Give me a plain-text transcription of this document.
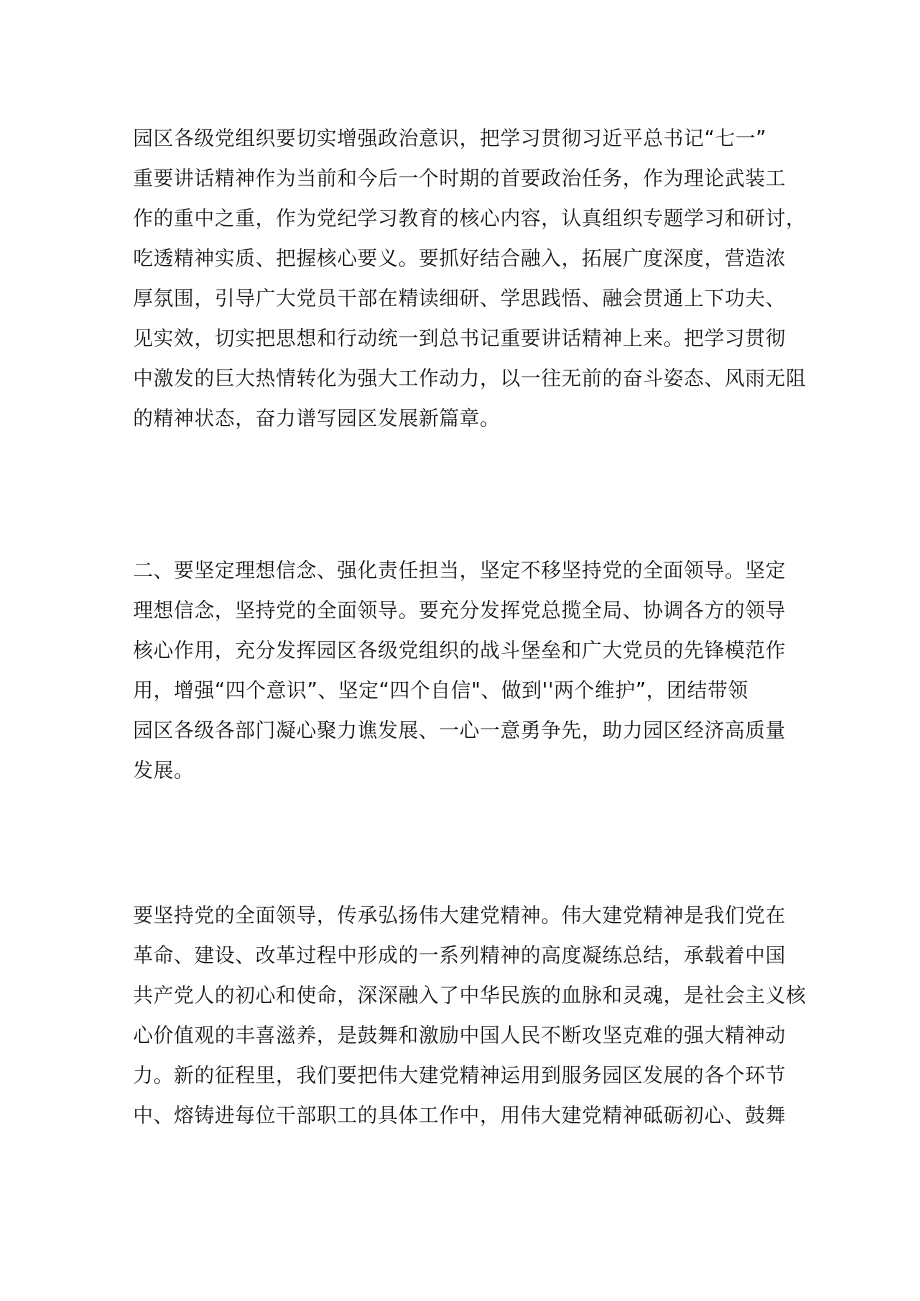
园区各级党组织要切实增强政治意识，把学习贯彻习近平总书记“七一”
重要讲话精神作为当前和今后一个时期的首要政治任务，作为理论武装工
作的重中之重，作为党纪学习教育的核心内容，认真组织专题学习和研讨，
吃透精神实质、把握核心要义。要抓好结合融入，拓展广度深度，营造浓
厚氛围，引导广大党员干部在精读细研、学思践悟、融会贯通上下功夫、
见实效，切实把思想和行动统一到总书记重要讲话精神上来。把学习贯彻
中激发的巨大热情转化为强大工作动力，以一往无前的奋斗姿态、风雨无阻
的精神状态，奋力谱写园区发展新篇章。
二、要坚定理想信念、强化责任担当，坚定不移坚持党的全面领导。坚定
理想信念，坚持党的全面领导。要充分发挥党总揽全局、协调各方的领导
核心作用，充分发挥园区各级党组织的战斗堡垒和广大党员的先锋模范作
用，增强“四个意识”、坚定“四个自信"、做到''两个维护”，团结带领
园区各级各部门凝心聚力谯发展、一心一意勇争先，助力园区经济高质量
发展。
要坚持党的全面领导，传承弘扬伟大建党精神。伟大建党精神是我们党在
革命、建设、改革过程中形成的一系列精神的高度凝练总结，承载着中国
共产党人的初心和使命，深深融入了中华民族的血脉和灵魂，是社会主义核
心价值观的丰喜滋养，是鼓舞和激励中国人民不断攻坚克难的强大精神动
力。新的征程里，我们要把伟大建党精神运用到服务园区发展的各个环节
中、熔铸进每位干部职工的具体工作中，用伟大建党精神砥砺初心、鼓舞
